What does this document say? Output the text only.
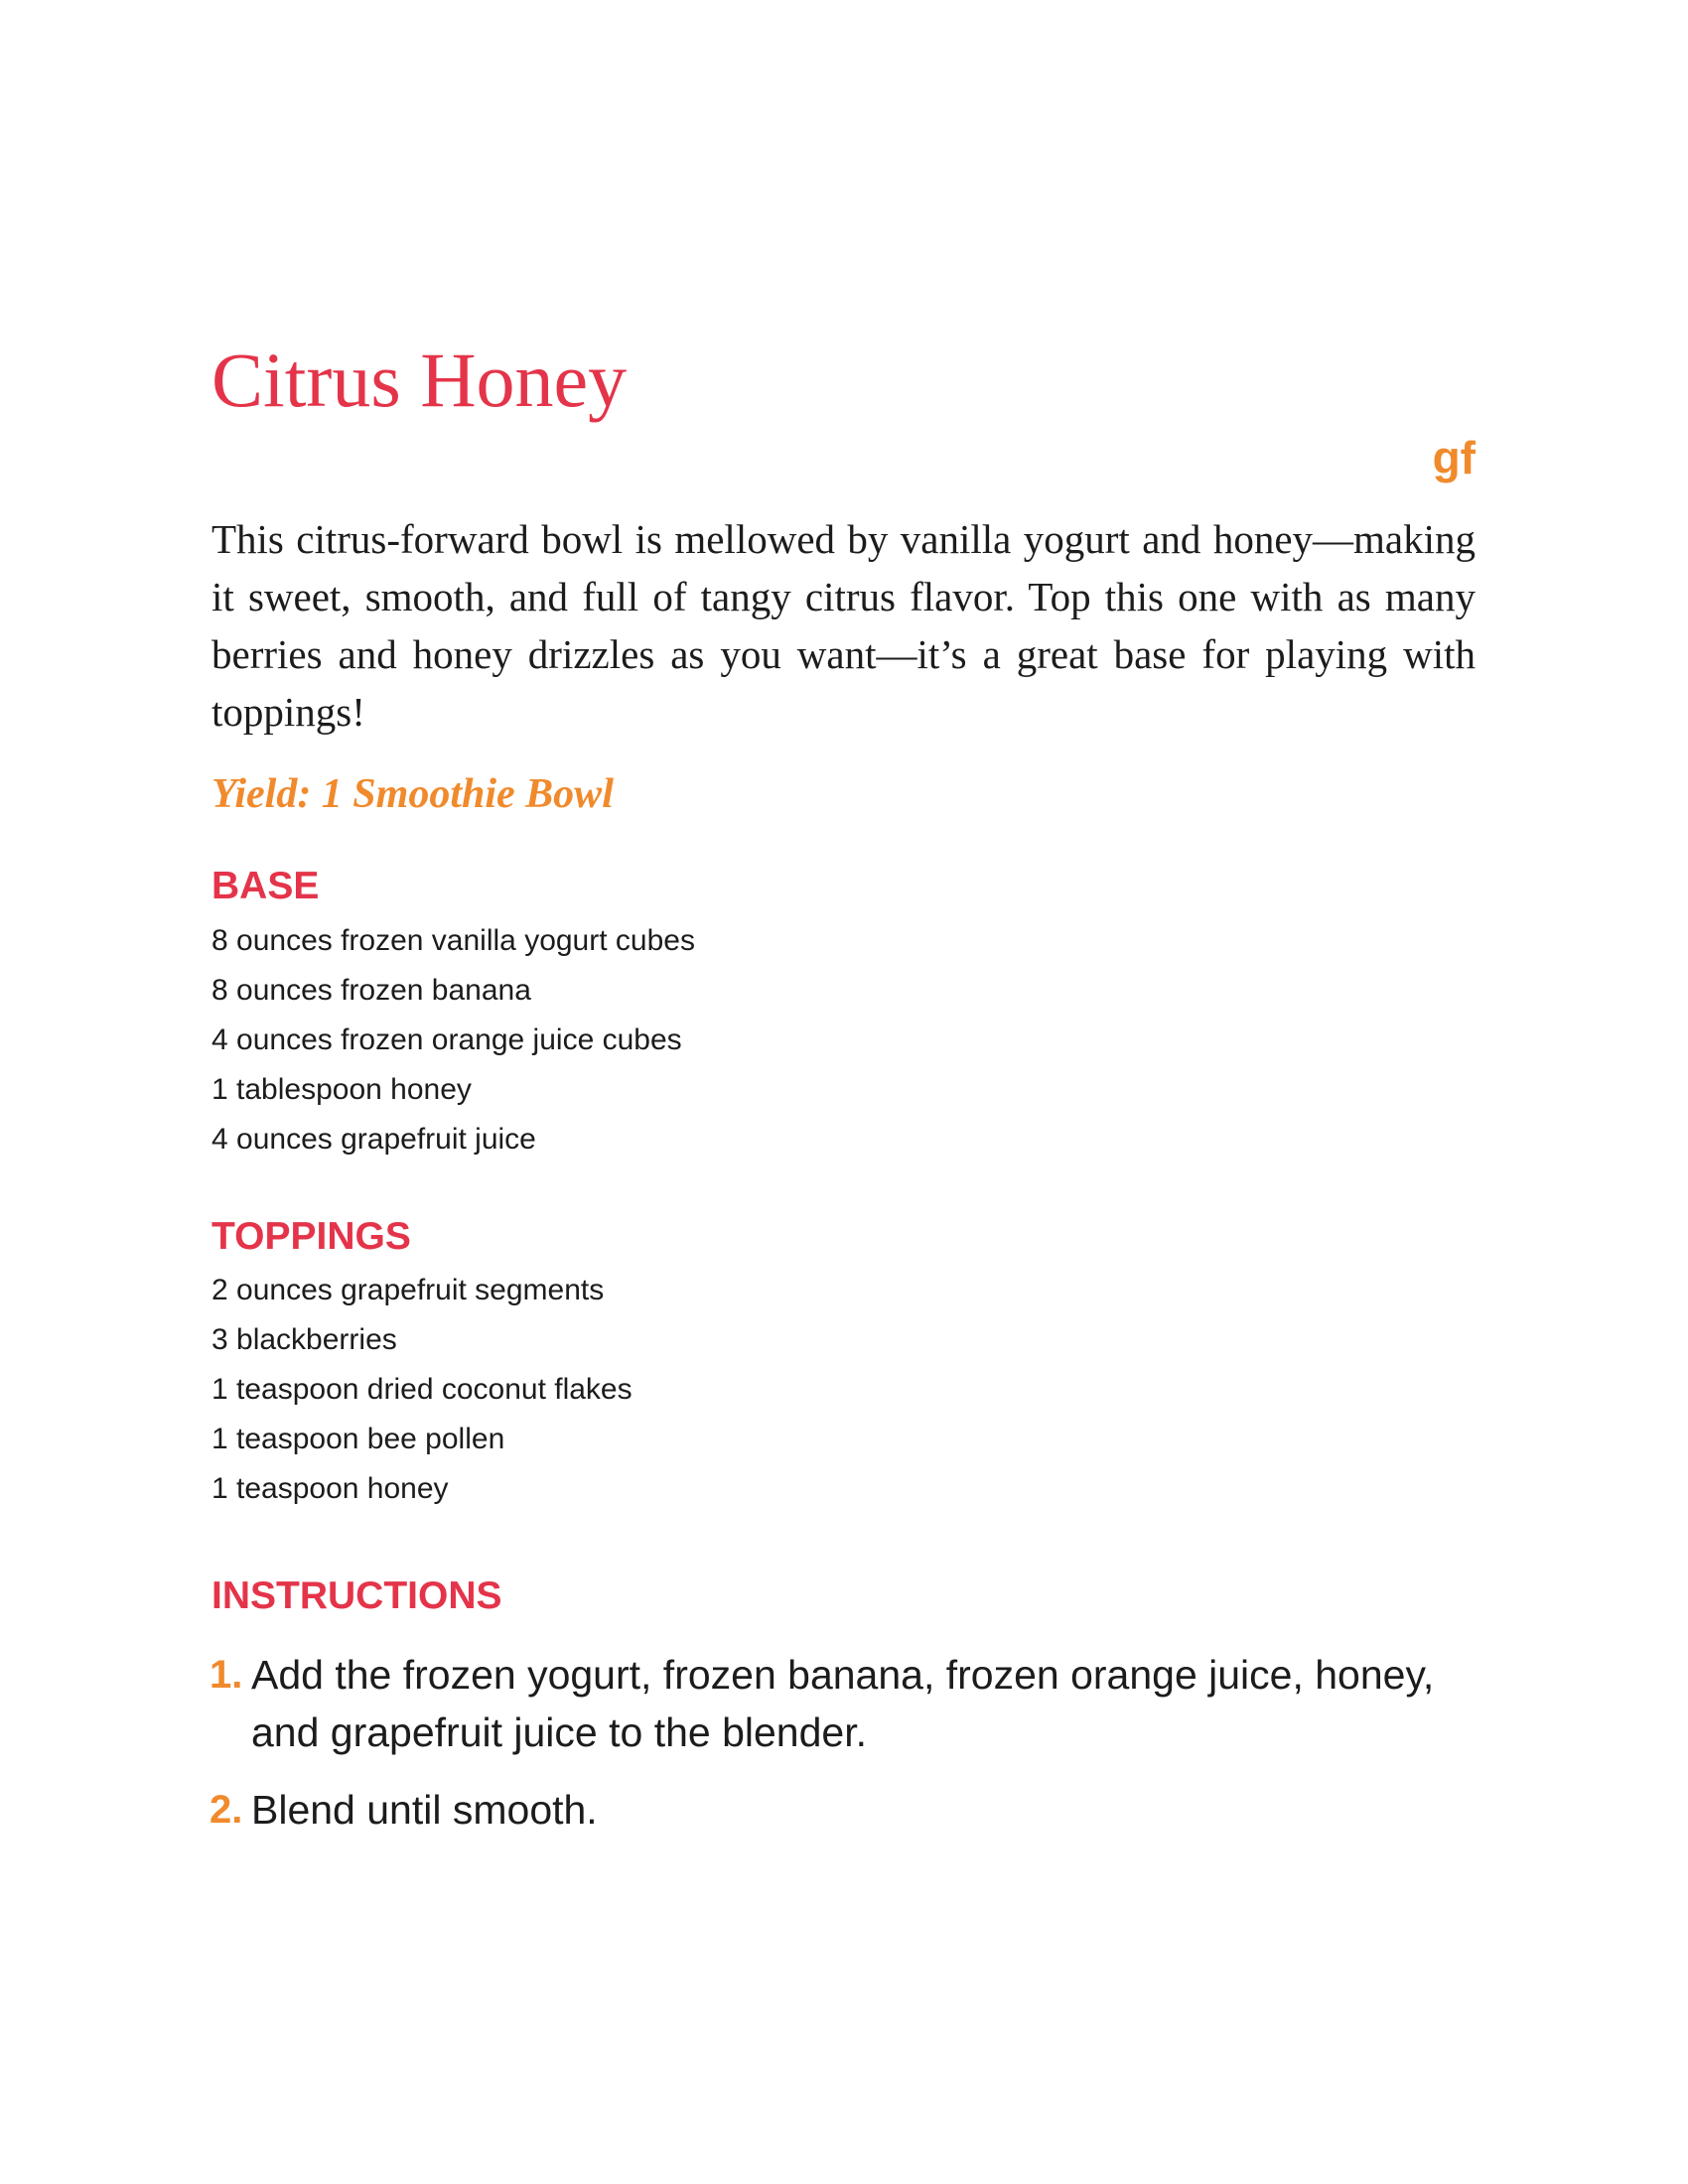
Citrus Honey
gf

This citrus-forward bowl is mellowed by vanilla yogurt and honey—making it sweet, smooth, and full of tangy citrus flavor. Top this one with as many berries and honey drizzles as you want—it’s a great base for playing with toppings!

Yield: 1 Smoothie Bowl

BASE
8 ounces frozen vanilla yogurt cubes
8 ounces frozen banana
4 ounces frozen orange juice cubes
1 tablespoon honey
4 ounces grapefruit juice
TOPPINGS
2 ounces grapefruit segments
3 blackberries
1 teaspoon dried coconut flakes
1 teaspoon bee pollen
1 teaspoon honey
INSTRUCTIONS
1. Add the frozen yogurt, frozen banana, frozen orange juice, honey, and grapefruit juice to the blender.
2. Blend until smooth.
